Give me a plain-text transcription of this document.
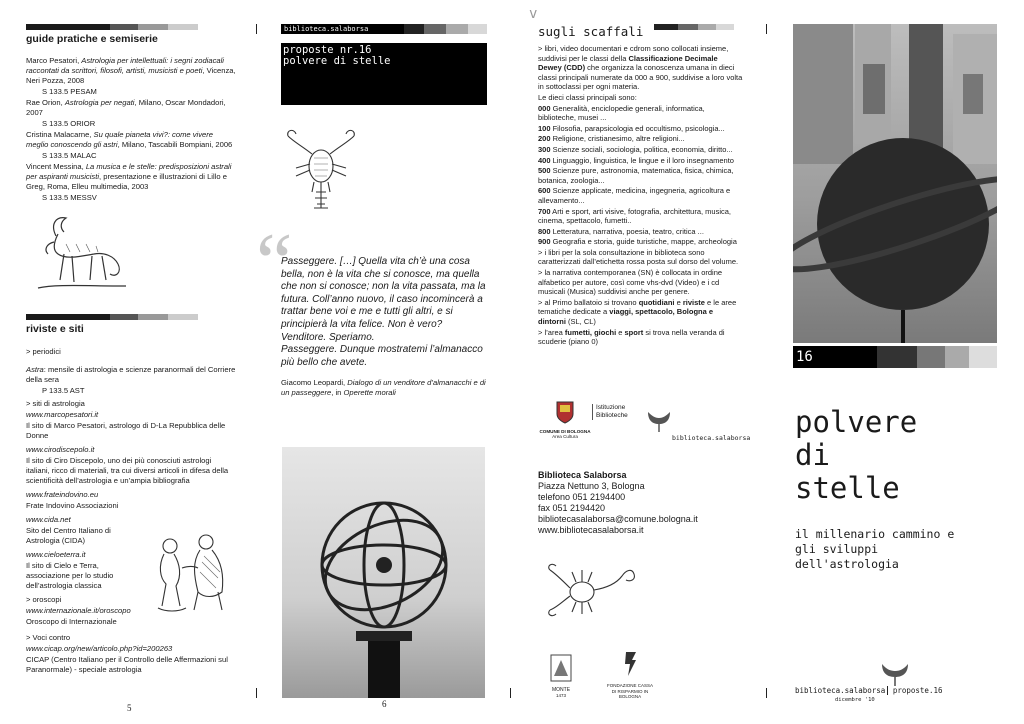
guide pratiche e semiserie

Marco Pesatori, Astrologia per intellettuali: i segni zodiacali raccontati da scrittori, filosofi, artisti, musicisti e poeti, Vicenza, Neri Pozza, 2008

S 133.5 PESAM

Rae Orion, Astrologia per negati, Milano, Oscar Mondadori, 2007

S 133.5 ORIOR

Cristina Malacarne, Su quale pianeta vivi?: come vivere meglio conoscendo gli astri, Milano, Tascabili Bompiani, 2006

S 133.5 MALAC

Vincent Messina, La musica e le stelle: predisposizioni astrali per aspiranti musicisti, presentazione e illustrazioni di Lillo e Greg, Roma, Elleu multimedia, 2003

S 133.5 MESSV

riviste e siti

> periodici

Astra: mensile di astrologia e scienze paranormali del Corriere della sera

P 133.5 AST

> siti di astrologia

www.marcopesatori.it

Il sito di Marco Pesatori, astrologo di D-La Repubblica delle Donne

www.cirodiscepolo.it

Il sito di Ciro Discepolo, uno dei più conosciuti astrologi italiani, ricco di materiali, tra cui diversi articoli in difesa della scientificità dell’astrologia e un’ampia bibliografia

www.frateindovino.eu

Frate Indovino Associazioni

www.cida.net

Sito del Centro Italiano di Astrologia (CIDA)

www.cieloeterra.it

Il sito di Cielo e Terra, associazione per lo studio dell’astrologia classica

> oroscopi

www.internazionale.it/oroscopo

Oroscopo di Internazionale

> Voci contro

www.cicap.org/new/articolo.php?id=200263

CICAP (Centro Italiano per il Controllo delle Affermazioni sul Paranormale) - speciale astrologia

5
biblioteca.salaborsa
proposte nr.16
polvere di stelle
“
Passeggere. […] Quella vita ch’è una cosa bella, non è la vita che si conosce, ma quella che non si conosce; non la vita passata, ma la futura. Coll’anno nuovo, il caso incomincerà a trattar bene voi e me e tutti gli altri, e si principierà la vita felice. Non è vero?
Venditore. Speriamo.
Passeggere. Dunque mostratemi l’almanacco più bello che avete.
Giacomo Leopardi, Dialogo di un venditore d’almanacchi e di un passeggere, in Operette morali
6
v
sugli scaffali

> libri, video documentari e cdrom sono collocati insieme, suddivisi per le classi della Classificazione Decimale Dewey (CDD) che organizza la conoscenza umana in dieci classi principali numerate da 000 a 900, suddivise a loro volta in sottoclassi per ogni materia.

Le dieci classi principali sono:

000 Generalità, enciclopedie generali, informatica, biblioteche, musei ...

100 Filosofia, parapsicologia ed occultismo, psicologia...

200 Religione, cristianesimo, altre religioni...

300 Scienze sociali, sociologia, politica, economia, diritto...

400 Linguaggio, linguistica, le lingue e il loro insegnamento

500 Scienze pure, astronomia, matematica, fisica, chimica, botanica, zoologia...

600 Scienze applicate, medicina, ingegneria, agricoltura e allevamento...

700 Arti e sport, arti visive, fotografia, architettura, musica, cinema, spettacolo, fumetti..

800 Letteratura, narrativa, poesia, teatro, critica ...

900 Geografia e storia, guide turistiche, mappe, archeologia

> i libri per la sola consultazione in biblioteca sono caratterizzati dall’etichetta rossa posta sul dorso del volume.

> la narrativa contemporanea (SN) è collocata in ordine alfabetico per autore, così come vhs-dvd (Video) e i cd musicali (Musica) suddivisi anche per genere.

> al Primo ballatoio si trovano quotidiani e riviste e le aree tematiche dedicate a viaggi, spettacolo, Bologna e dintorni (SL, CL)

> l’area fumetti, giochi e sport si trova nella veranda di scuderie (piano 0)

COMUNE DI BOLOGNA
Area Cultura
Istituzione
Biblioteche
biblioteca.salaborsa
Biblioteca Salaborsa
Piazza Nettuno 3, Bologna
telefono 051 2194400
fax 051 2194420
bibliotecasalaborsa@comune.bologna.it
www.bibliotecasalaborsa.it
MONTE
1473
FONDAZIONE CASSA DI RISPARMIO IN BOLOGNA
16
polvere
di
stelle
il millenario cammino e
gli sviluppi
dell'astrologia
biblioteca.salaborsa proposte.16
dicembre '10
